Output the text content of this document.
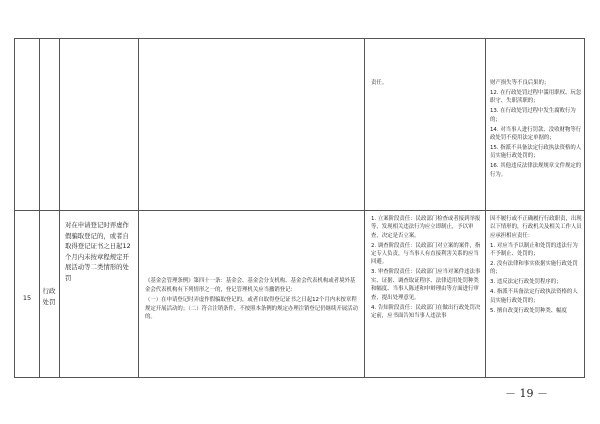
责任。	财产损失等不良后果的；
12. 在行政处罚过程中滥用职权、玩忽职守、失职渎职的；
13. 在行政处罚过程中发生腐败行为的；
14. 对当事人进行罚款、没收财物等行政处罚不使用法定单据的；
15. 指派不具备法定行政执法资格的人员实施行政处罚的；
16. 其他违反法律法规规章文件规定的行为。
15
行政处罚
对在申请登记时弄虚作假骗取登记的，或者自取得登记证书之日起12个月内未按章程规定开展活动等二类情形的处罚	《基金会管理条例》第四十一条：基金会、基金会分支机构、基金会代表机构或者境外基金会代表机构有下列情形之一的，登记管理机关应当撤销登记：
（一）在申请登记时弄虚作假骗取登记的，或者自取得登记证书之日起12个月内未按章程规定开展活动的；（二）符合注销条件，不按照本条例的规定办理注销登记仍继续开展活动的。
1. 立案阶段责任：民政部门检查或者接到举报等，发现相关违法行为应立即制止，予以审查，决定是否立案。
2. 调查阶段责任：民政部门对立案的案件，指定专人负责，与当事人有直接利害关系的应当回避。
3. 审查阶段责任：民政部门应当对案件违法事实、证据、调查取证程序、法律适用处罚种类和幅度、当事人陈述和申辩理由等方面进行审查，提出处理意见。
4. 告知阶段责任：民政部门在做出行政处罚决定前，应书面告知当事人违法事
因不履行或不正确履行行政职责，出现以下情形的，行政机关及相关工作人员应承担相应责任：
1. 对应当予以制止和处罚的违法行为不予制止、处罚的；
2. 没有法律和事实依据实施行政处罚的；
3. 违反法定行政处罚程序的；
4. 指派不具备法定行政执法资格的人员实施行政处罚的；
5. 擅自改变行政处罚种类、幅度
－ 19 －
